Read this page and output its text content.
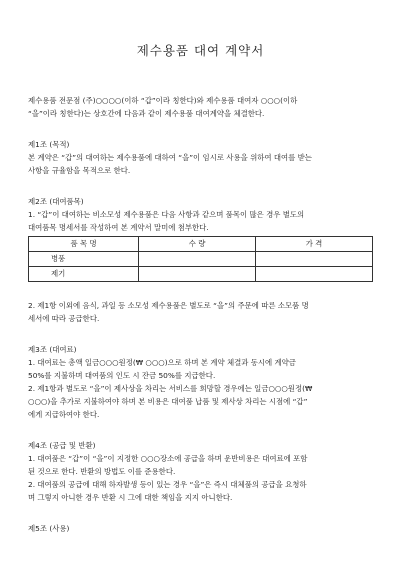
제수용품 대여 계약서

제수용품 전문점 (주)○○○○(이하 “갑”이라 칭한다)와 제수용품 대여자 ○○○(이하

“을”이라 칭한다)는 상호간에 다음과 같이 제수용품 대여계약을 체결한다.

제1조 (목적)

본 계약은 “갑”의 대여하는 제수용품에 대하여 “을”이 임시로 사용을 위하여 대여를 받는

사항을 규율함을 목적으로 한다.

제2조 (대여품목)

1. “갑”이 대여하는 비소모성 제수용품은 다음 사항과 같으며 품목이 많은 경우 별도의

대여품목 명세서를 작성하여 본 계약서 말미에 첨부한다.

품 목 명	수 량	가 격
병풍		
제기		

2. 제1항 이외에 음식, 과일 등 소모성 제수용품은 별도로 “을”의 주문에 따른 소모품 명

세서에 따라 공급한다.

제3조 (대여료)

1. 대여료는 총액 일금○○○원정(₩ ○○○)으로 하며 본 계약 체결과 동시에 계약금

50%를 지불하며 대여품의 인도 시 잔금 50%를 지급한다.

2. 제1항과 별도로 “을”이 제사상을 차리는 서비스를 희망할 경우에는 일금○○○원정(₩

○○○)을 추가로 지불하여야 하며 본 비용은 대여품 납품 및 제사상 차리는 시점에 “갑”

에게 지급하여야 한다.

제4조 (공급 및 반환)

1. 대여품은 “갑”이 “을”이 지정한 ○○○장소에 공급을 하며 운반비용은 대여료에 포함

된 것으로 한다. 반환의 방법도 이를 준용한다.

2. 대여품의 공급에 대해 하자발생 등이 있는 경우 “을”은 즉시 대체품의 공급을 요청하

며 그렇지 아니한 경우 반환 시 그에 대한 책임을 지지 아니한다.

제5조 (사용)
